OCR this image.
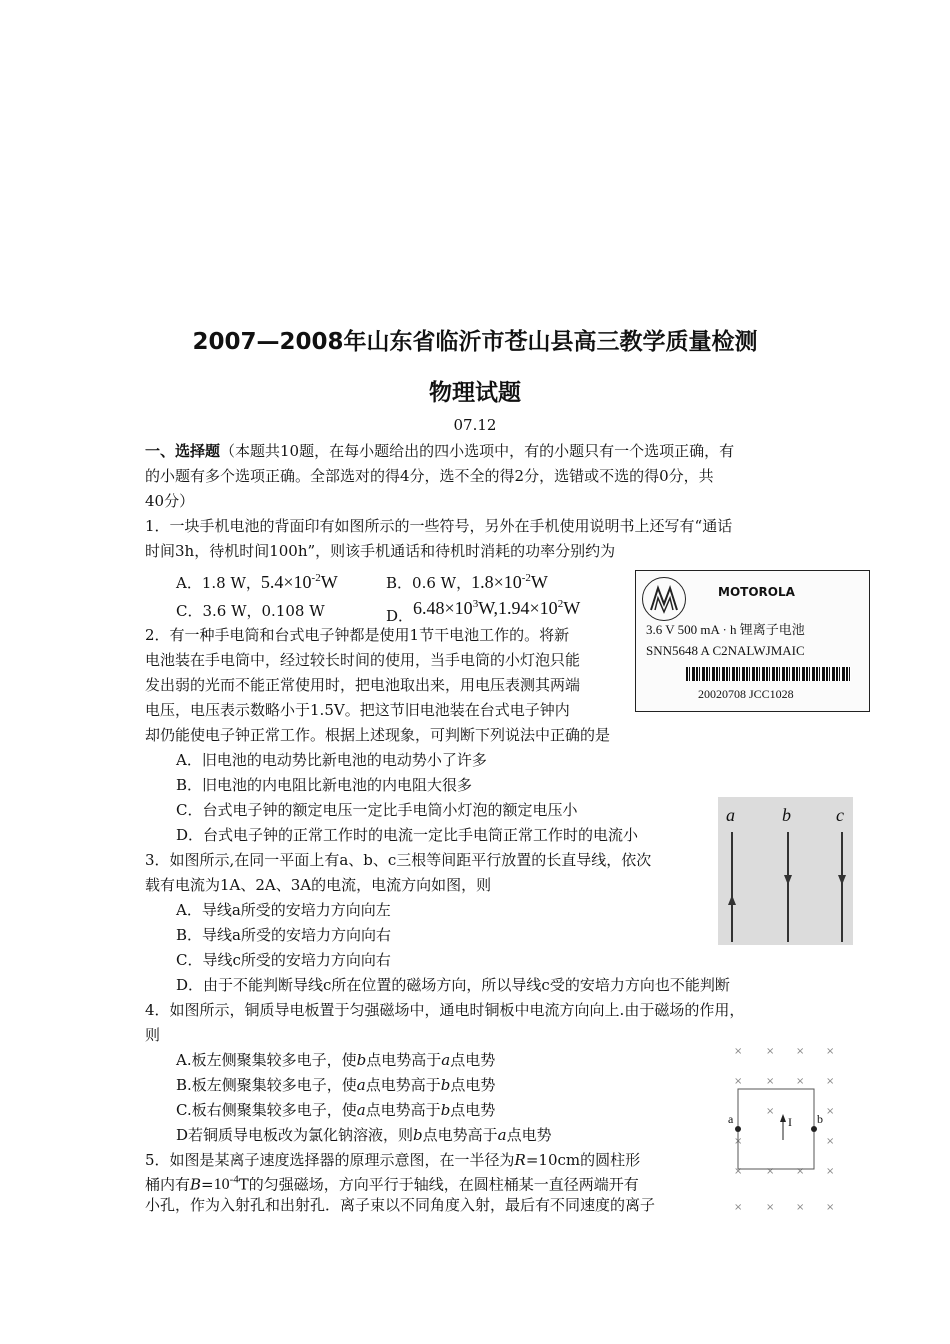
2007—2008年山东省临沂市苍山县高三教学质量检测
物理试题
07.12
一、选择题（本题共10题，在每小题给出的四小选项中，有的小题只有一个选项正确，有
的小题有多个选项正确。全部选对的得4分，选不全的得2分，选错或不选的得0分，共
40分）
1．一块手机电池的背面印有如图所示的一些符号，另外在手机使用说明书上还写有“通话
时间3h，待机时间100h”，则该手机通话和待机时消耗的功率分别约为
A．1.8 W，$5.4\times 10^{-2}W$	B．0.6 W，$1.8\times 10^{-2}W$
C．3.6 W，0.108 W	D．$6.48\times 10^3W,1.94\times 10^2W$
MOTOROLA
3.6 V 500 mA · h 锂离子电池
SNN5648 A C2NALWJMAIC
20020708 JCC1028
2．有一种手电筒和台式电子钟都是使用1节干电池工作的。将新
电池装在手电筒中，经过较长时间的使用，当手电筒的小灯泡只能
发出弱的光而不能正常使用时，把电池取出来，用电压表测其两端
电压，电压表示数略小于1.5V。把这节旧电池装在台式电子钟内
却仍能使电子钟正常工作。根据上述现象，可判断下列说法中正确的是
A．旧电池的电动势比新电池的电动势小了许多
B．旧电池的内电阻比新电池的内电阻大很多
C．台式电子钟的额定电压一定比手电筒小灯泡的额定电压小
D．台式电子钟的正常工作时的电流一定比手电筒正常工作时的电流小
a	b	c
3．如图所示,在同一平面上有a、b、c三根等间距平行放置的长直导线，依次
载有电流为1A、2A、3A的电流，电流方向如图，则
A．导线a所受的安培力方向向左
B．导线a所受的安培力方向向右
C．导线c所受的安培力方向向右
D．由于不能判断导线c所在位置的磁场方向，所以导线c受的安培力方向也不能判断
4．如图所示，铜质导电板置于匀强磁场中，通电时铜板中电流方向向上.由于磁场的作用，
则
A.板左侧聚集较多电子，使b点电势高于a点电势
B.板左侧聚集较多电子，使a点电势高于b点电势
C.板右侧聚集较多电子，使a点电势高于b点电势
D若铜质导电板改为氯化钠溶液，则b点电势高于a点电势
× × × ×
× × × ×
×	×
×	×
× × × ×
× × × ×
a	b
I
5．如图是某离子速度选择器的原理示意图，在一半径为R=10cm的圆柱形
桶内有$B=10^{-4}T$的匀强磁场，方向平行于轴线，在圆柱桶某一直径两端开有
小孔，作为入射孔和出射孔．离子束以不同角度入射，最后有不同速度的离子
